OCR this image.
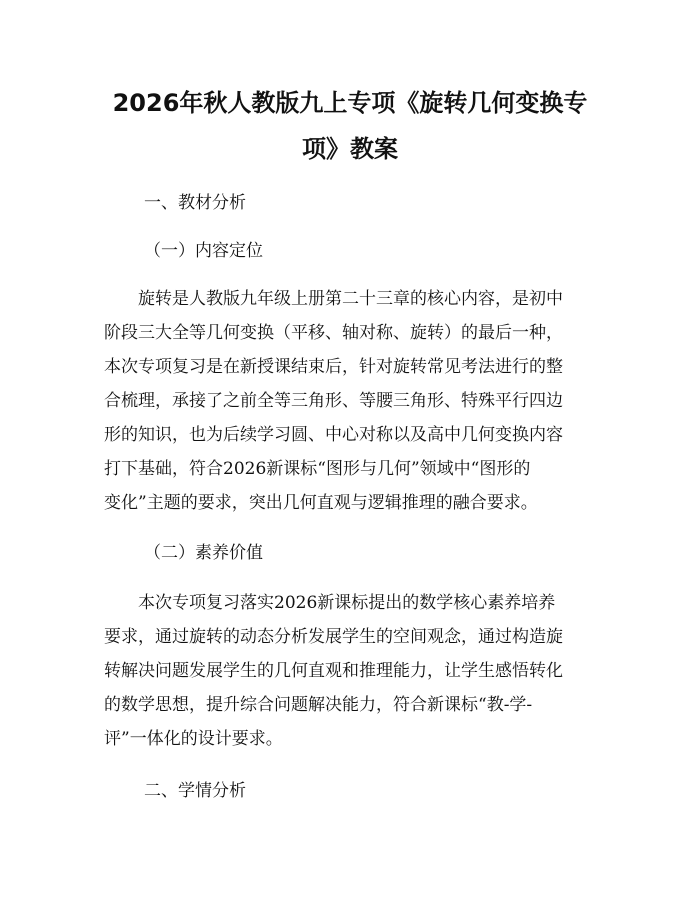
2026年秋人教版九上专项《旋转几何变换专
项》教案

一、教材分析

（一）内容定位

旋转是人教版九年级上册第二十三章的核心内容，是初中

阶段三大全等几何变换（平移、轴对称、旋转）的最后一种，

本次专项复习是在新授课结束后，针对旋转常见考法进行的整

合梳理，承接了之前全等三角形、等腰三角形、特殊平行四边

形的知识，也为后续学习圆、中心对称以及高中几何变换内容

打下基础，符合2026新课标“图形与几何”领域中“图形的

变化”主题的要求，突出几何直观与逻辑推理的融合要求。

（二）素养价值

本次专项复习落实2026新课标提出的数学核心素养培养

要求，通过旋转的动态分析发展学生的空间观念，通过构造旋

转解决问题发展学生的几何直观和推理能力，让学生感悟转化

的数学思想，提升综合问题解决能力，符合新课标“教-学-

评”一体化的设计要求。

二、学情分析
